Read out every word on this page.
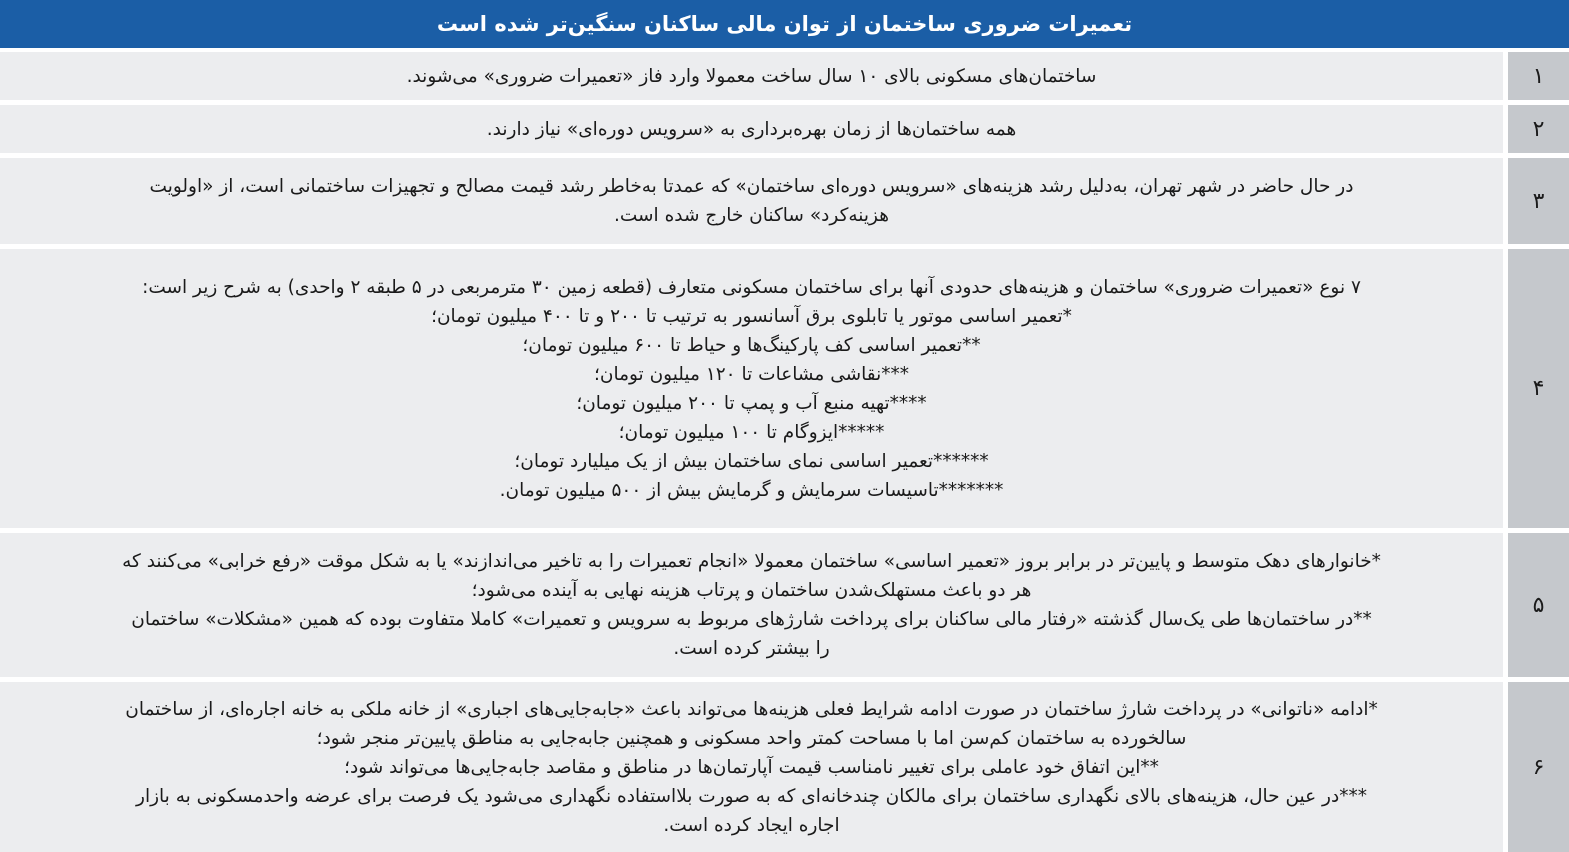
تعمیرات ضروری ساختمان از توان مالی ساکنان سنگین‌تر شده است
۱
ساختمان‌های مسکونی بالای ۱۰ سال ساخت معمولا وارد فاز «تعمیرات ضروری» می‌شوند.
۲
همه ساختمان‌ها از زمان بهره‌برداری به «سرویس دوره‌ای» نیاز دارند.
۳
در حال حاضر در شهر تهران، به‌دلیل رشد هزینه‌های «سرویس دوره‌ای ساختمان» که عمدتا به‌خاطر رشد قیمت مصالح و تجهیزات ساختمانی است، از «اولویت
هزینه‌کرد» ساکنان خارج شده است.
۴
۷ نوع «تعمیرات ضروری» ساختمان و هزینه‌های حدودی آنها برای ساختمان مسکونی متعارف (قطعه زمین ۳۰ مترمربعی در ۵ طبقه ۲ واحدی) به شرح زیر است:
*تعمیر اساسی موتور یا تابلوی برق آسانسور به ترتیب تا ۲۰۰ و تا ۴۰۰ میلیون تومان؛
**تعمیر اساسی کف پارکینگ‌ها و حیاط تا ۶۰۰ میلیون تومان؛
***نقاشی مشاعات تا ۱۲۰ میلیون تومان؛
****تهیه منبع آب و پمپ تا ۲۰۰ میلیون تومان؛
*****ایزوگام تا ۱۰۰ میلیون تومان؛
******تعمیر اساسی نمای ساختمان بیش از یک میلیارد تومان؛
*******تاسیسات سرمایش و گرمایش بیش از ۵۰۰ میلیون تومان.
۵
*خانوارهای دهک متوسط و پایین‌تر در برابر بروز «تعمیر اساسی» ساختمان معمولا «انجام تعمیرات را به تاخیر می‌اندازند» یا به شکل موقت «رفع خرابی» می‌کنند که
هر دو باعث مستهلک‌شدن ساختمان و پرتاب هزینه نهایی به آینده می‌شود؛
**در ساختمان‌ها طی یک‌سال گذشته «رفتار مالی ساکنان برای پرداخت شارژهای مربوط به سرویس و تعمیرات» کاملا متفاوت بوده که همین «مشکلات» ساختمان
را بیشتر کرده است.
۶
*ادامه «ناتوانی» در پرداخت شارژ ساختمان در صورت ادامه شرایط فعلی هزینه‌ها می‌تواند باعث «جابه‌جایی‌های اجباری» از خانه ملکی به خانه اجاره‌ای، از ساختمان
سالخورده به ساختمان کم‌سن اما با مساحت کمتر واحد مسکونی و همچنین جابه‌جایی به مناطق پایین‌تر منجر شود؛
**این اتفاق خود عاملی برای تغییر نامناسب قیمت آپارتمان‌ها در مناطق و مقاصد جابه‌جایی‌ها می‌تواند شود؛
***در عین حال، هزینه‌های بالای نگهداری ساختمان برای مالکان چندخانه‌ای که به صورت بلااستفاده نگهداری می‌شود یک فرصت برای عرضه واحدمسکونی به بازار
اجاره ایجاد کرده است.
